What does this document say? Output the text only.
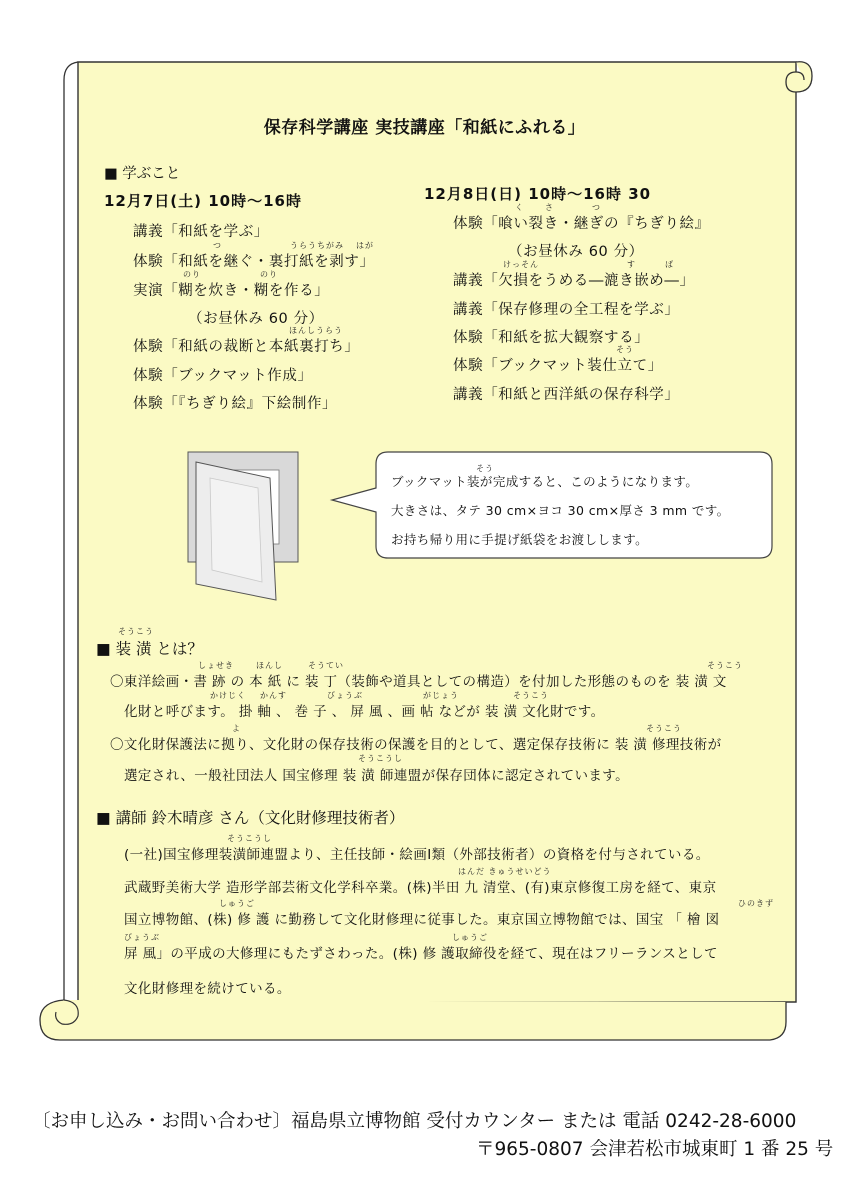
保存科学講座 実技講座「和紙にふれる」
■ 学ぶこと
12月7日(土) 10時〜16時
講義「和紙を学ぶ」
体験「和紙を継ぐ・裏打紙を剥す」
実演「糊を炊き・糊を作る」
（お昼休み 60 分）
体験「和紙の裁断と本紙裏打ち」
体験「ブックマット作成」
体験「『ちぎり絵』下絵制作」
12月8日(日) 10時〜16時 30
体験「喰い裂き・継ぎの『ちぎり絵』
（お昼休み 60 分）
講義「欠損をうめる―漉き嵌め―」
講義「保存修理の全工程を学ぶ」
体験「和紙を拡大観察する」
体験「ブックマット装仕立て」
講義「和紙と西洋紙の保存科学」
つ	うらうちがみ はが
のり	のり
ほんしうらう
く	さ	つ
けっそん	す	ば
そう
そう
ブックマット装が完成すると、このようになります。
大きさは、タテ 30 cm×ヨコ 30 cm×厚さ 3 mm です。
お持ち帰り用に手提げ紙袋をお渡しします。
そうこう
■ 装 潢 とは？
しょせき	ほんし	そうてい	そうこう
〇東洋絵画・書 跡 の 本 紙 に 装 丁（装飾や道具としての構造）を付加した形態のものを 装 潢 文
かけじく かんす	びょうぶ	がじょう	そうこう
化財と呼びます。 掛 軸 、 巻 子 、 屏 風 、画 帖 などが 装 潢 文化財です。
よ	そうこう
〇文化財保護法に拠り、文化財の保存技術の保護を目的として、選定保存技術に 装 潢 修理技術が
そうこうし
選定され、一般社団法人 国宝修理 装 潢 師連盟が保存団体に認定されています。
■ 講師 鈴木晴彦 さん（文化財修理技術者）
そうこうし
(一社)国宝修理装潢師連盟より、主任技師・絵画Ⅰ類（外部技術者）の資格を付与されている。
はんだ きゅうせいどう
武蔵野美術大学 造形学部芸術文化学科卒業。(株)半田 九 清堂、(有)東京修復工房を経て、東京
しゅうご	ひのきず
国立博物館、(株) 修 護 に勤務して文化財修理に従事した。東京国立博物館では、国宝 「 檜 図
びょうぶ	しゅうご
屏 風」の平成の大修理にもたずさわった。(株) 修 護取締役を経て、現在はフリーランスとして
文化財修理を続けている。
〔お申し込み・お問い合わせ〕福島県立博物館 受付カウンター または 電話 0242-28-6000
〒965-0807 会津若松市城東町 1 番 25 号
